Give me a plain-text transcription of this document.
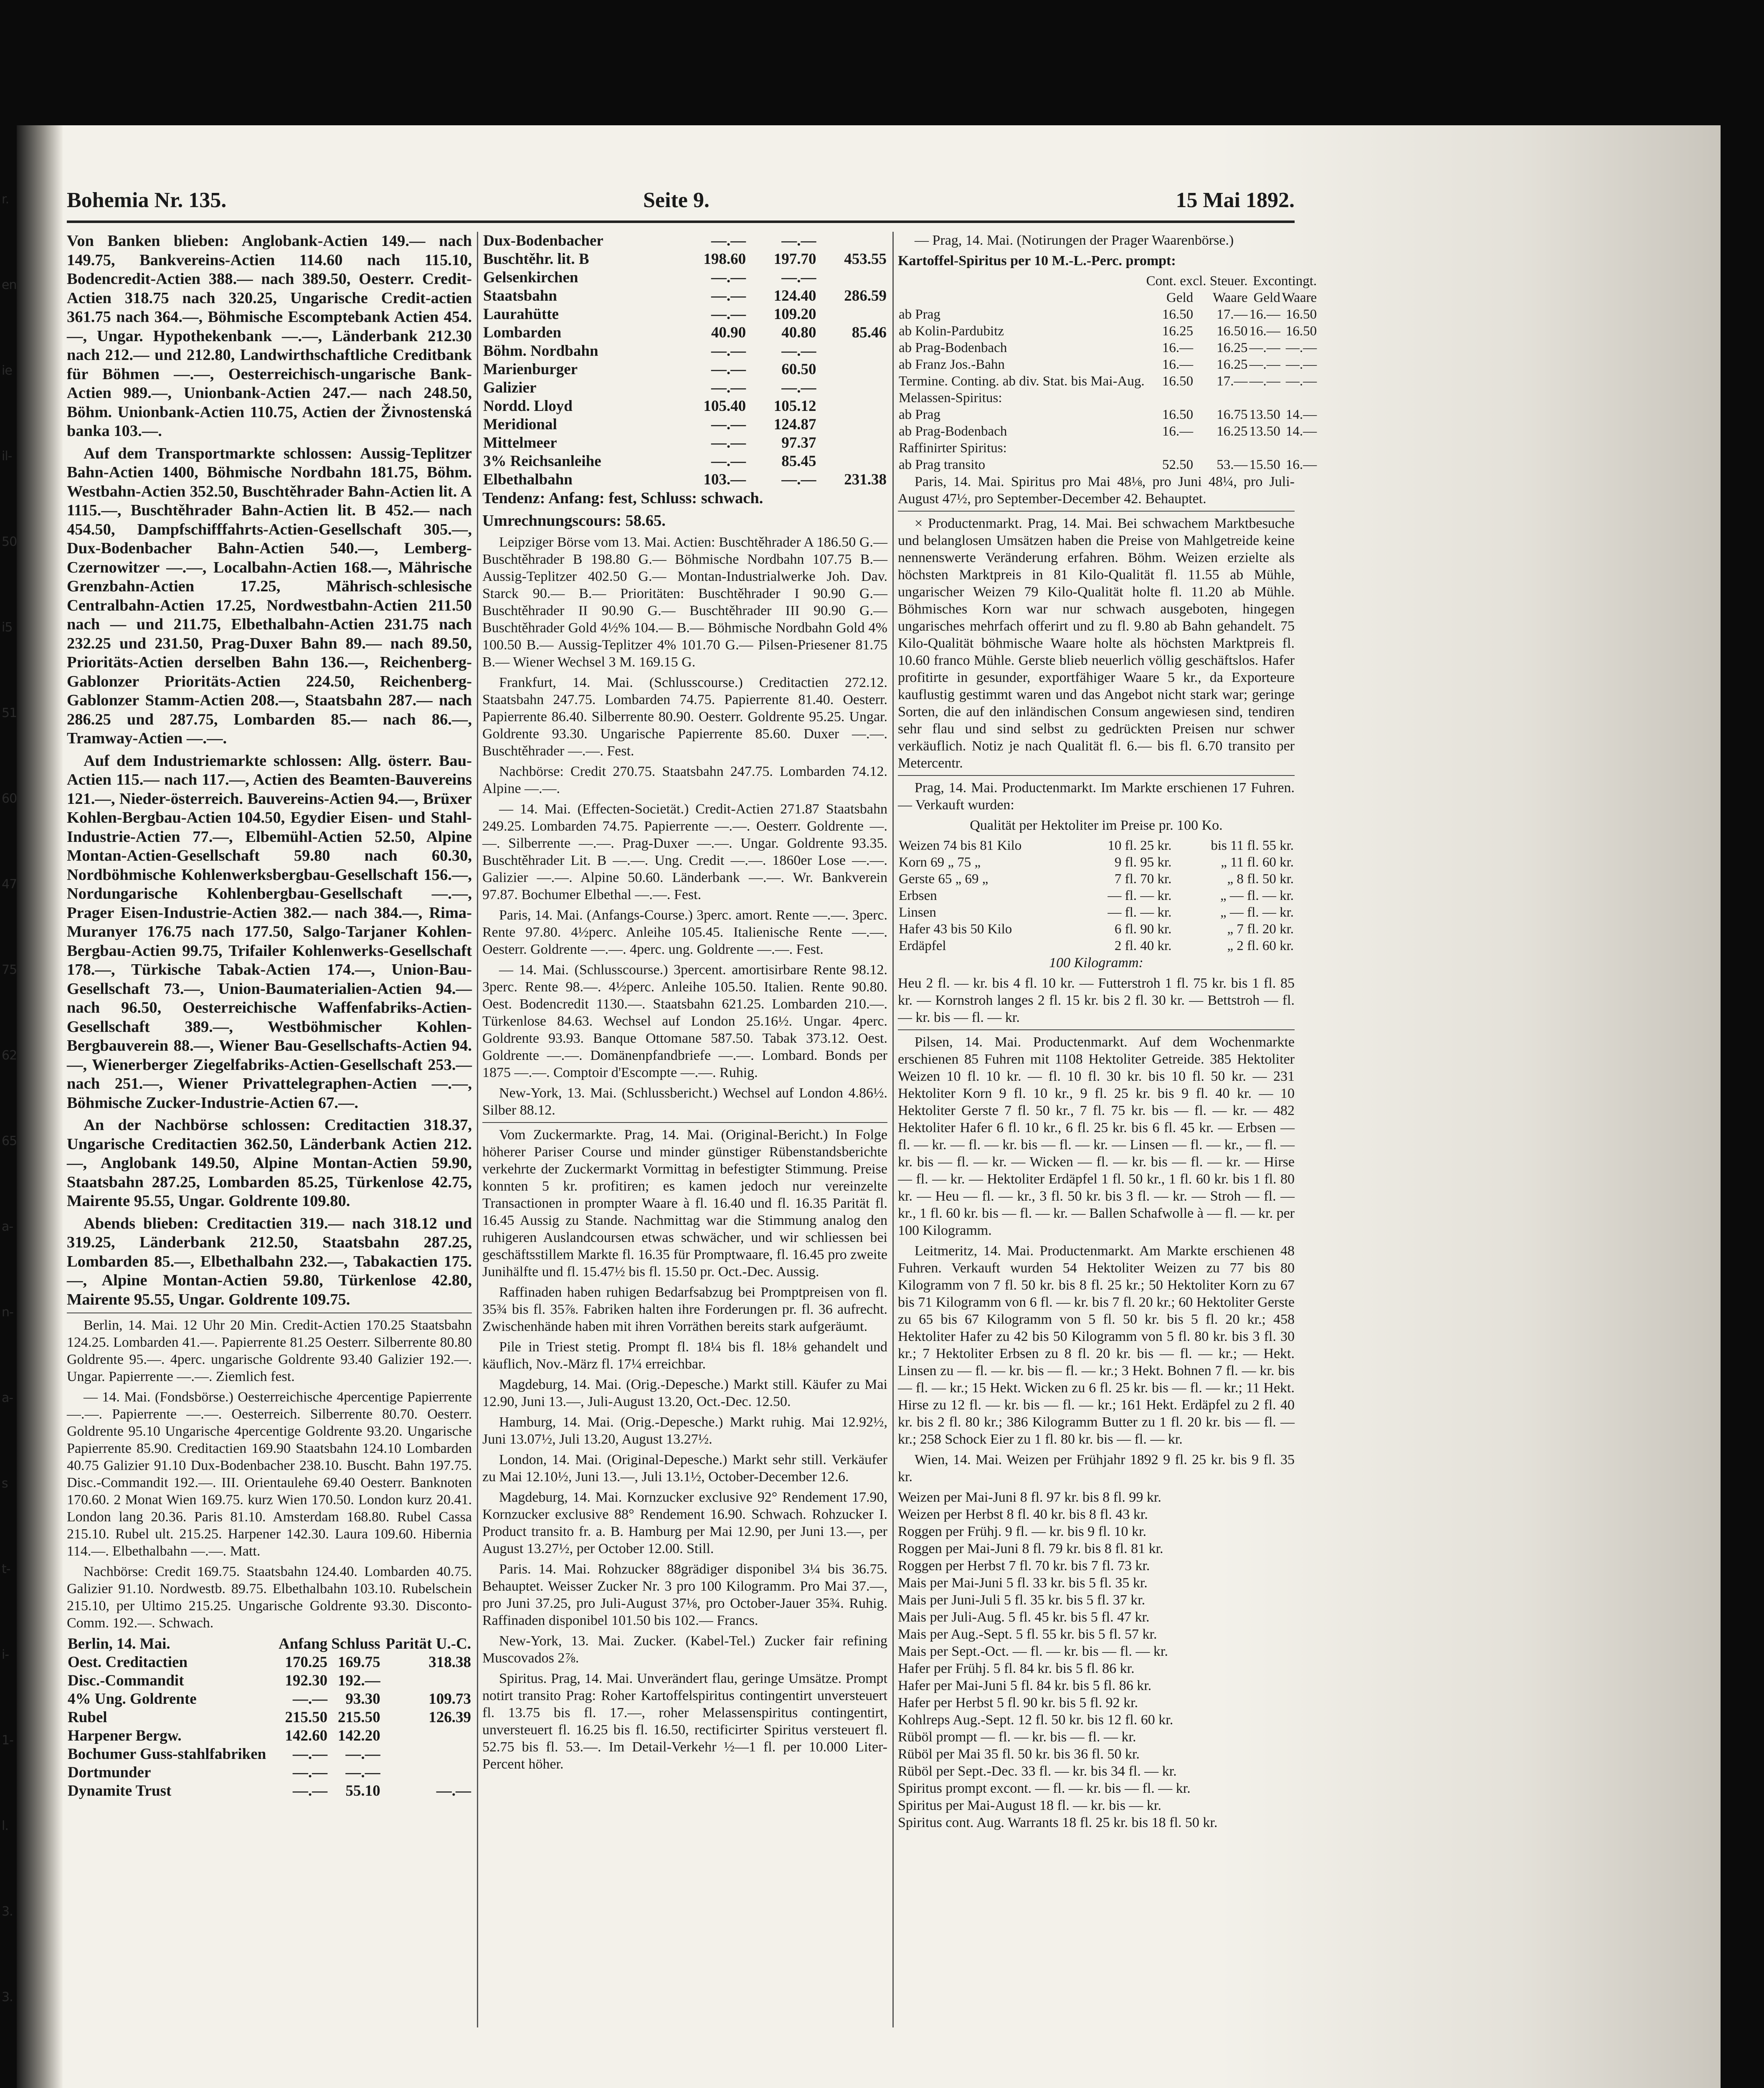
r.
en
ie
il-
50
i5
51
60
47
75
62
65
a-
n-
a-
s
t-
i-
1-
l.
3.
3.
Bohemia Nr. 135.	Seite 9.	15 Mai 1892.

Von Banken blieben: Anglobank-Actien 149.— nach 149.75, Bankvereins-Actien 114.60 nach 115.10, Bodencredit-Actien 388.— nach 389.50, Oesterr. Credit-Actien 318.75 nach 320.25, Ungarische Credit-actien 361.75 nach 364.—, Böhmische Escomptebank Actien 454.—, Ungar. Hypothekenbank —.—, Länderbank 212.30 nach 212.— und 212.80, Landwirthschaftliche Creditbank für Böhmen —.—, Oesterreichisch-ungarische Bank-Actien 989.—, Unionbank-Actien 247.— nach 248.50, Böhm. Unionbank-Actien 110.75, Actien der Živnostenská banka 103.—.

Auf dem Transportmarkte schlossen: Aussig-Teplitzer Bahn-Actien 1400, Böhmische Nordbahn 181.75, Böhm. Westbahn-Actien 352.50, Buschtěhrader Bahn-Actien lit. A 1115.—, Buschtěhrader Bahn-Actien lit. B 452.— nach 454.50, Dampfschifffahrts-Actien-Gesellschaft 305.—, Dux-Bodenbacher Bahn-Actien 540.—, Lemberg-Czernowitzer —.—, Localbahn-Actien 168.—, Mährische Grenzbahn-Actien 17.25, Mährisch-schlesische Centralbahn-Actien 17.25, Nordwestbahn-Actien 211.50 nach — und 211.75, Elbethalbahn-Actien 231.75 nach 232.25 und 231.50, Prag-Duxer Bahn 89.— nach 89.50, Prioritäts-Actien derselben Bahn 136.—, Reichenberg-Gablonzer Prioritäts-Actien 224.50, Reichenberg-Gablonzer Stamm-Actien 208.—, Staatsbahn 287.— nach 286.25 und 287.75, Lombarden 85.— nach 86.—, Tramway-Actien —.—.

Auf dem Industriemarkte schlossen: Allg. österr. Bau-Actien 115.— nach 117.—, Actien des Beamten-Bauvereins 121.—, Nieder-österreich. Bauvereins-Actien 94.—, Brüxer Kohlen-Bergbau-Actien 104.50, Egydier Eisen- und Stahl-Industrie-Actien 77.—, Elbemühl-Actien 52.50, Alpine Montan-Actien-Gesellschaft 59.80 nach 60.30, Nordböhmische Kohlenwerksbergbau-Gesellschaft 156.—, Nordungarische Kohlenbergbau-Gesellschaft —.—, Prager Eisen-Industrie-Actien 382.— nach 384.—, Rima-Muranyer 176.75 nach 177.50, Salgo-Tarjaner Kohlen-Bergbau-Actien 99.75, Trifailer Kohlenwerks-Gesellschaft 178.—, Türkische Tabak-Actien 174.—, Union-Bau-Gesellschaft 73.—, Union-Baumaterialien-Actien 94.— nach 96.50, Oesterreichische Waffenfabriks-Actien-Gesellschaft 389.—, Westböhmischer Kohlen-Bergbauverein 88.—, Wiener Bau-Gesellschafts-Actien 94.—, Wienerberger Ziegelfabriks-Actien-Gesellschaft 253.— nach 251.—, Wiener Privattelegraphen-Actien —.—, Böhmische Zucker-Industrie-Actien 67.—.

An der Nachbörse schlossen: Creditactien 318.37, Ungarische Creditactien 362.50, Länderbank Actien 212.—, Anglobank 149.50, Alpine Montan-Actien 59.90, Staatsbahn 287.25, Lombarden 85.25, Türkenlose 42.75, Mairente 95.55, Ungar. Goldrente 109.80.

Abends blieben: Creditactien 319.— nach 318.12 und 319.25, Länderbank 212.50, Staatsbahn 287.25, Lombarden 85.—, Elbethalbahn 232.—, Tabakactien 175.—, Alpine Montan-Actien 59.80, Türkenlose 42.80, Mairente 95.55, Ungar. Goldrente 109.75.

Berlin, 14. Mai. 12 Uhr 20 Min. Credit-Actien 170.25 Staatsbahn 124.25. Lombarden 41.—. Papierrente 81.25 Oesterr. Silberrente 80.80 Goldrente 95.—. 4perc. ungarische Goldrente 93.40 Galizier 192.—. Ungar. Papierrente —.—. Ziemlich fest.

— 14. Mai. (Fondsbörse.) Oesterreichische 4percentige Papierrente —.—. Papierrente —.—. Oesterreich. Silberrente 80.70. Oesterr. Goldrente 95.10 Ungarische 4percentige Goldrente 93.20. Ungarische Papierrente 85.90. Creditactien 169.90 Staatsbahn 124.10 Lombarden 40.75 Galizier 91.10 Dux-Bodenbacher 238.10. Buscht. Bahn 197.75. Disc.-Commandit 192.—. III. Orientaulehe 69.40 Oesterr. Banknoten 170.60. 2 Monat Wien 169.75. kurz Wien 170.50. London kurz 20.41. London lang 20.36. Paris 81.10. Amsterdam 168.80. Rubel Cassa 215.10. Rubel ult. 215.25. Harpener 142.30. Laura 109.60. Hibernia 114.—. Elbethalbahn —.—. Matt.

Nachbörse: Credit 169.75. Staatsbahn 124.40. Lombarden 40.75. Galizier 91.10. Nordwestb. 89.75. Elbethalbahn 103.10. Rubelschein 215.10, per Ultimo 215.25. Ungarische Goldrente 93.30. Disconto-Comm. 192.—. Schwach.

Berlin, 14. Mai.	Anfang	Schluss	Parität U.-C.
Oest. Creditactien	170.25	169.75	318.38
Disc.-Commandit	192.30	192.—	
4% Ung. Goldrente	—.—	93.30	109.73
Rubel	215.50	215.50	126.39
Harpener Bergw.	142.60	142.20	
Bochumer Guss-stahlfabriken	—.—	—.—	
Dortmunder	—.—	—.—	
Dynamite Trust	—.—	55.10	—.—
Dux-Bodenbacher	—.—	—.—	
Buschtěhr. lit. B	198.60	197.70	453.55
Gelsenkirchen	—.—	—.—	
Staatsbahn	—.—	124.40	286.59
Laurahütte	—.—	109.20	
Lombarden	40.90	40.80	85.46
Böhm. Nordbahn	—.—	—.—	
Marienburger	—.—	60.50	
Galizier	—.—	—.—	
Nordd. Lloyd	105.40	105.12	
Meridional	—.—	124.87	
Mittelmeer	—.—	97.37	
3% Reichsanleihe	—.—	85.45	
Elbethalbahn	103.—	—.—	231.38

Tendenz: Anfang: fest, Schluss: schwach.

Umrechnungscours: 58.65.

Leipziger Börse vom 13. Mai. Actien: Buschtěhrader A 186.50 G.— Buschtěhrader B 198.80 G.— Böhmische Nordbahn 107.75 B.— Aussig-Teplitzer 402.50 G.— Montan-Industrialwerke Joh. Dav. Starck 90.— B.— Prioritäten: Buschtěhrader I 90.90 G.— Buschtěhrader II 90.90 G.— Buschtěhrader III 90.90 G.— Buschtěhrader Gold 4½% 104.— B.— Böhmische Nordbahn Gold 4% 100.50 B.— Aussig-Teplitzer 4% 101.70 G.— Pilsen-Priesener 81.75 B.— Wiener Wechsel 3 M. 169.15 G.

Frankfurt, 14. Mai. (Schlusscourse.) Creditactien 272.12. Staatsbahn 247.75. Lombarden 74.75. Papierrente 81.40. Oesterr. Papierrente 86.40. Silberrente 80.90. Oesterr. Goldrente 95.25. Ungar. Goldrente 93.30. Ungarische Papierrente 85.60. Duxer —.—. Buschtěhrader —.—. Fest.

Nachbörse: Credit 270.75. Staatsbahn 247.75. Lombarden 74.12. Alpine —.—.

— 14. Mai. (Effecten-Societät.) Credit-Actien 271.87 Staatsbahn 249.25. Lombarden 74.75. Papierrente —.—. Oesterr. Goldrente —.—. Silberrente —.—. Prag-Duxer —.—. Ungar. Goldrente 93.35. Buschtěhrader Lit. B —.—. Ung. Credit —.—. 1860er Lose —.—. Galizier —.—. Alpine 50.60. Länderbank —.—. Wr. Bankverein 97.87. Bochumer Elbethal —.—. Fest.

Paris, 14. Mai. (Anfangs-Course.) 3perc. amort. Rente —.—. 3perc. Rente 97.80. 4½perc. Anleihe 105.45. Italienische Rente —.—. Oesterr. Goldrente —.—. 4perc. ung. Goldrente —.—. Fest.

— 14. Mai. (Schlusscourse.) 3percent. amortisirbare Rente 98.12. 3perc. Rente 98.—. 4½perc. Anleihe 105.50. Italien. Rente 90.80. Oest. Bodencredit 1130.—. Staatsbahn 621.25. Lombarden 210.—. Türkenlose 84.63. Wechsel auf London 25.16½. Ungar. 4perc. Goldrente 93.93. Banque Ottomane 587.50. Tabak 373.12. Oest. Goldrente —.—. Domänenpfandbriefe —.—. Lombard. Bonds per 1875 —.—. Comptoir d'Escompte —.—. Ruhig.

New-York, 13. Mai. (Schlussbericht.) Wechsel auf London 4.86½. Silber 88.12.

Vom Zuckermarkte. Prag, 14. Mai. (Original-Bericht.) In Folge höherer Pariser Course und minder günstiger Rübenstandsberichte verkehrte der Zuckermarkt Vormittag in befestigter Stimmung. Preise konnten 5 kr. profitiren; es kamen jedoch nur vereinzelte Transactionen in prompter Waare à fl. 16.40 und fl. 16.35 Parität fl. 16.45 Aussig zu Stande. Nachmittag war die Stimmung analog den ruhigeren Auslandcoursen etwas schwächer, und wir schliessen bei geschäftsstillem Markte fl. 16.35 für Promptwaare, fl. 16.45 pro zweite Junihälfte und fl. 15.47½ bis fl. 15.50 pr. Oct.-Dec. Aussig.

Raffinaden haben ruhigen Bedarfsabzug bei Promptpreisen von fl. 35¾ bis fl. 35⅞. Fabriken halten ihre Forderungen pr. fl. 36 aufrecht. Zwischenhände haben mit ihren Vorräthen bereits stark aufgeräumt.

Pile in Triest stetig. Prompt fl. 18¼ bis fl. 18⅛ gehandelt und käuflich, Nov.-März fl. 17¼ erreichbar.

Magdeburg, 14. Mai. (Orig.-Depesche.) Markt still. Käufer zu Mai 12.90, Juni 13.—, Juli-August 13.20, Oct.-Dec. 12.50.

Hamburg, 14. Mai. (Orig.-Depesche.) Markt ruhig. Mai 12.92½, Juni 13.07½, Juli 13.20, August 13.27½.

London, 14. Mai. (Original-Depesche.) Markt sehr still. Verkäufer zu Mai 12.10½, Juni 13.—, Juli 13.1½, October-December 12.6.

Magdeburg, 14. Mai. Kornzucker exclusive 92° Rendement 17.90, Kornzucker exclusive 88° Rendement 16.90. Schwach. Rohzucker I. Product transito fr. a. B. Hamburg per Mai 12.90, per Juni 13.—, per August 13.27½, per October 12.00. Still.

Paris. 14. Mai. Rohzucker 88grädiger disponibel 3¼ bis 36.75. Behauptet. Weisser Zucker Nr. 3 pro 100 Kilogramm. Pro Mai 37.—, pro Juni 37.25, pro Juli-August 37⅛, pro October-Jauer 35¾. Ruhig. Raffinaden disponibel 101.50 bis 102.— Francs.

New-York, 13. Mai. Zucker. (Kabel-Tel.) Zucker fair refining Muscovados 2⅞.

Spiritus. Prag, 14. Mai. Unverändert flau, geringe Umsätze. Prompt notirt transito Prag: Roher Kartoffelspiritus contingentirt unversteuert fl. 13.75 bis fl. 17.—, roher Melassenspiritus contingentirt, unversteuert fl. 16.25 bis fl. 16.50, rectificirter Spiritus versteuert fl. 52.75 bis fl. 53.—. Im Detail-Verkehr ½—1 fl. per 10.000 Liter-Percent höher.

— Prag, 14. Mai. (Notirungen der Prager Waarenbörse.)

Kartoffel-Spiritus per 10 M.-L.-Perc. prompt:

	Cont. excl. Steuer.		Excontingt.	
	Geld	Waare	Geld	Waare
ab Prag	16.50	17.—	16.—	16.50
ab Kolin-Pardubitz	16.25	16.50	16.—	16.50
ab Prag-Bodenbach	16.—	16.25	—.—	—.—
ab Franz Jos.-Bahn	16.—	16.25	—.—	—.—
Termine. Conting. ab div. Stat. bis Mai-Aug.	16.50	17.—	—.—	—.—
Melassen-Spiritus:				
ab Prag	16.50	16.75	13.50	14.—
ab Prag-Bodenbach	16.—	16.25	13.50	14.—
Raffinirter Spiritus:				
ab Prag transito	52.50	53.—	15.50	16.—

Paris, 14. Mai. Spiritus pro Mai 48⅛, pro Juni 48¼, pro Juli-August 47½, pro September-December 42. Behauptet.

× Productenmarkt. Prag, 14. Mai. Bei schwachem Marktbesuche und belanglosen Umsätzen haben die Preise von Mahlgetreide keine nennenswerte Veränderung erfahren. Böhm. Weizen erzielte als höchsten Marktpreis in 81 Kilo-Qualität fl. 11.55 ab Mühle, ungarischer Weizen 79 Kilo-Qualität holte fl. 11.20 ab Mühle. Böhmisches Korn war nur schwach ausgeboten, hingegen ungarisches mehrfach offerirt und zu fl. 9.80 ab Bahn gehandelt. 75 Kilo-Qualität böhmische Waare holte als höchsten Marktpreis fl. 10.60 franco Mühle. Gerste blieb neuerlich völlig geschäftslos. Hafer profitirte in gesunder, exportfähiger Waare 5 kr., da Exporteure kauflustig gestimmt waren und das Angebot nicht stark war; geringe Sorten, die auf den inländischen Consum angewiesen sind, tendiren sehr flau und sind selbst zu gedrückten Preisen nur schwer verkäuflich. Notiz je nach Qualität fl. 6.— bis fl. 6.70 transito per Metercentr.

Prag, 14. Mai. Productenmarkt. Im Markte erschienen 17 Fuhren. — Verkauft wurden:

Qualität per Hektoliter im Preise pr. 100 Ko.

Weizen 74 bis 81 Kilo	10 fl. 25 kr.	bis 11 fl. 55 kr.
Korn 69 „ 75 „	9 fl. 95 kr.	„ 11 fl. 60 kr.
Gerste 65 „ 69 „	7 fl. 70 kr.	„ 8 fl. 50 kr.
Erbsen	— fl. — kr.	„ — fl. — kr.
Linsen	— fl. — kr.	„ — fl. — kr.
Hafer 43 bis 50 Kilo	6 fl. 90 kr.	„ 7 fl. 20 kr.
Erdäpfel	2 fl. 40 kr.	„ 2 fl. 60 kr.

100 Kilogramm:

Heu 2 fl. — kr. bis 4 fl. 10 kr. — Futterstroh 1 fl. 75 kr. bis 1 fl. 85 kr. — Kornstroh langes 2 fl. 15 kr. bis 2 fl. 30 kr. — Bettstroh — fl. — kr. bis — fl. — kr.

Pilsen, 14. Mai. Productenmarkt. Auf dem Wochenmarkte erschienen 85 Fuhren mit 1108 Hektoliter Getreide. 385 Hektoliter Weizen 10 fl. 10 kr. — fl. 10 fl. 30 kr. bis 10 fl. 50 kr. — 231 Hektoliter Korn 9 fl. 10 kr., 9 fl. 25 kr. bis 9 fl. 40 kr. — 10 Hektoliter Gerste 7 fl. 50 kr., 7 fl. 75 kr. bis — fl. — kr. — 482 Hektoliter Hafer 6 fl. 10 kr., 6 fl. 25 kr. bis 6 fl. 45 kr. — Erbsen — fl. — kr. — fl. — kr. bis — fl. — kr. — Linsen — fl. — kr., — fl. — kr. bis — fl. — kr. — Wicken — fl. — kr. bis — fl. — kr. — Hirse — fl. — kr. — Hektoliter Erdäpfel 1 fl. 50 kr., 1 fl. 60 kr. bis 1 fl. 80 kr. — Heu — fl. — kr., 3 fl. 50 kr. bis 3 fl. — kr. — Stroh — fl. — kr., 1 fl. 60 kr. bis — fl. — kr. — Ballen Schafwolle à — fl. — kr. per 100 Kilogramm.

Leitmeritz, 14. Mai. Productenmarkt. Am Markte erschienen 48 Fuhren. Verkauft wurden 54 Hektoliter Weizen zu 77 bis 80 Kilogramm von 7 fl. 50 kr. bis 8 fl. 25 kr.; 50 Hektoliter Korn zu 67 bis 71 Kilogramm von 6 fl. — kr. bis 7 fl. 20 kr.; 60 Hektoliter Gerste zu 65 bis 67 Kilogramm von 5 fl. 50 kr. bis 5 fl. 20 kr.; 458 Hektoliter Hafer zu 42 bis 50 Kilogramm von 5 fl. 80 kr. bis 3 fl. 30 kr.; 7 Hektoliter Erbsen zu 8 fl. 20 kr. bis — fl. — kr.; — Hekt. Linsen zu — fl. — kr. bis — fl. — kr.; 3 Hekt. Bohnen 7 fl. — kr. bis — fl. — kr.; 15 Hekt. Wicken zu 6 fl. 25 kr. bis — fl. — kr.; 11 Hekt. Hirse zu 12 fl. — kr. bis — fl. — kr.; 161 Hekt. Erdäpfel zu 2 fl. 40 kr. bis 2 fl. 80 kr.; 386 Kilogramm Butter zu 1 fl. 20 kr. bis — fl. — kr.; 258 Schock Eier zu 1 fl. 80 kr. bis — fl. — kr.

Wien, 14. Mai. Weizen per Frühjahr 1892 9 fl. 25 kr. bis 9 fl. 35 kr.

Weizen per Mai-Juni 8 fl. 97 kr. bis 8 fl. 99 kr.

Weizen per Herbst 8 fl. 40 kr. bis 8 fl. 43 kr.

Roggen per Frühj. 9 fl. — kr. bis 9 fl. 10 kr.

Roggen per Mai-Juni 8 fl. 79 kr. bis 8 fl. 81 kr.

Roggen per Herbst 7 fl. 70 kr. bis 7 fl. 73 kr.

Mais per Mai-Juni 5 fl. 33 kr. bis 5 fl. 35 kr.

Mais per Juni-Juli 5 fl. 35 kr. bis 5 fl. 37 kr.

Mais per Juli-Aug. 5 fl. 45 kr. bis 5 fl. 47 kr.

Mais per Aug.-Sept. 5 fl. 55 kr. bis 5 fl. 57 kr.

Mais per Sept.-Oct. — fl. — kr. bis — fl. — kr.

Hafer per Frühj. 5 fl. 84 kr. bis 5 fl. 86 kr.

Hafer per Mai-Juni 5 fl. 84 kr. bis 5 fl. 86 kr.

Hafer per Herbst 5 fl. 90 kr. bis 5 fl. 92 kr.

Kohlreps Aug.-Sept. 12 fl. 50 kr. bis 12 fl. 60 kr.

Rüböl prompt — fl. — kr. bis — fl. — kr.

Rüböl per Mai 35 fl. 50 kr. bis 36 fl. 50 kr.

Rüböl per Sept.-Dec. 33 fl. — kr. bis 34 fl. — kr.

Spiritus prompt excont. — fl. — kr. bis — fl. — kr.

Spiritus per Mai-August 18 fl. — kr. bis — kr.

Spiritus cont. Aug. Warrants 18 fl. 25 kr. bis 18 fl. 50 kr.
